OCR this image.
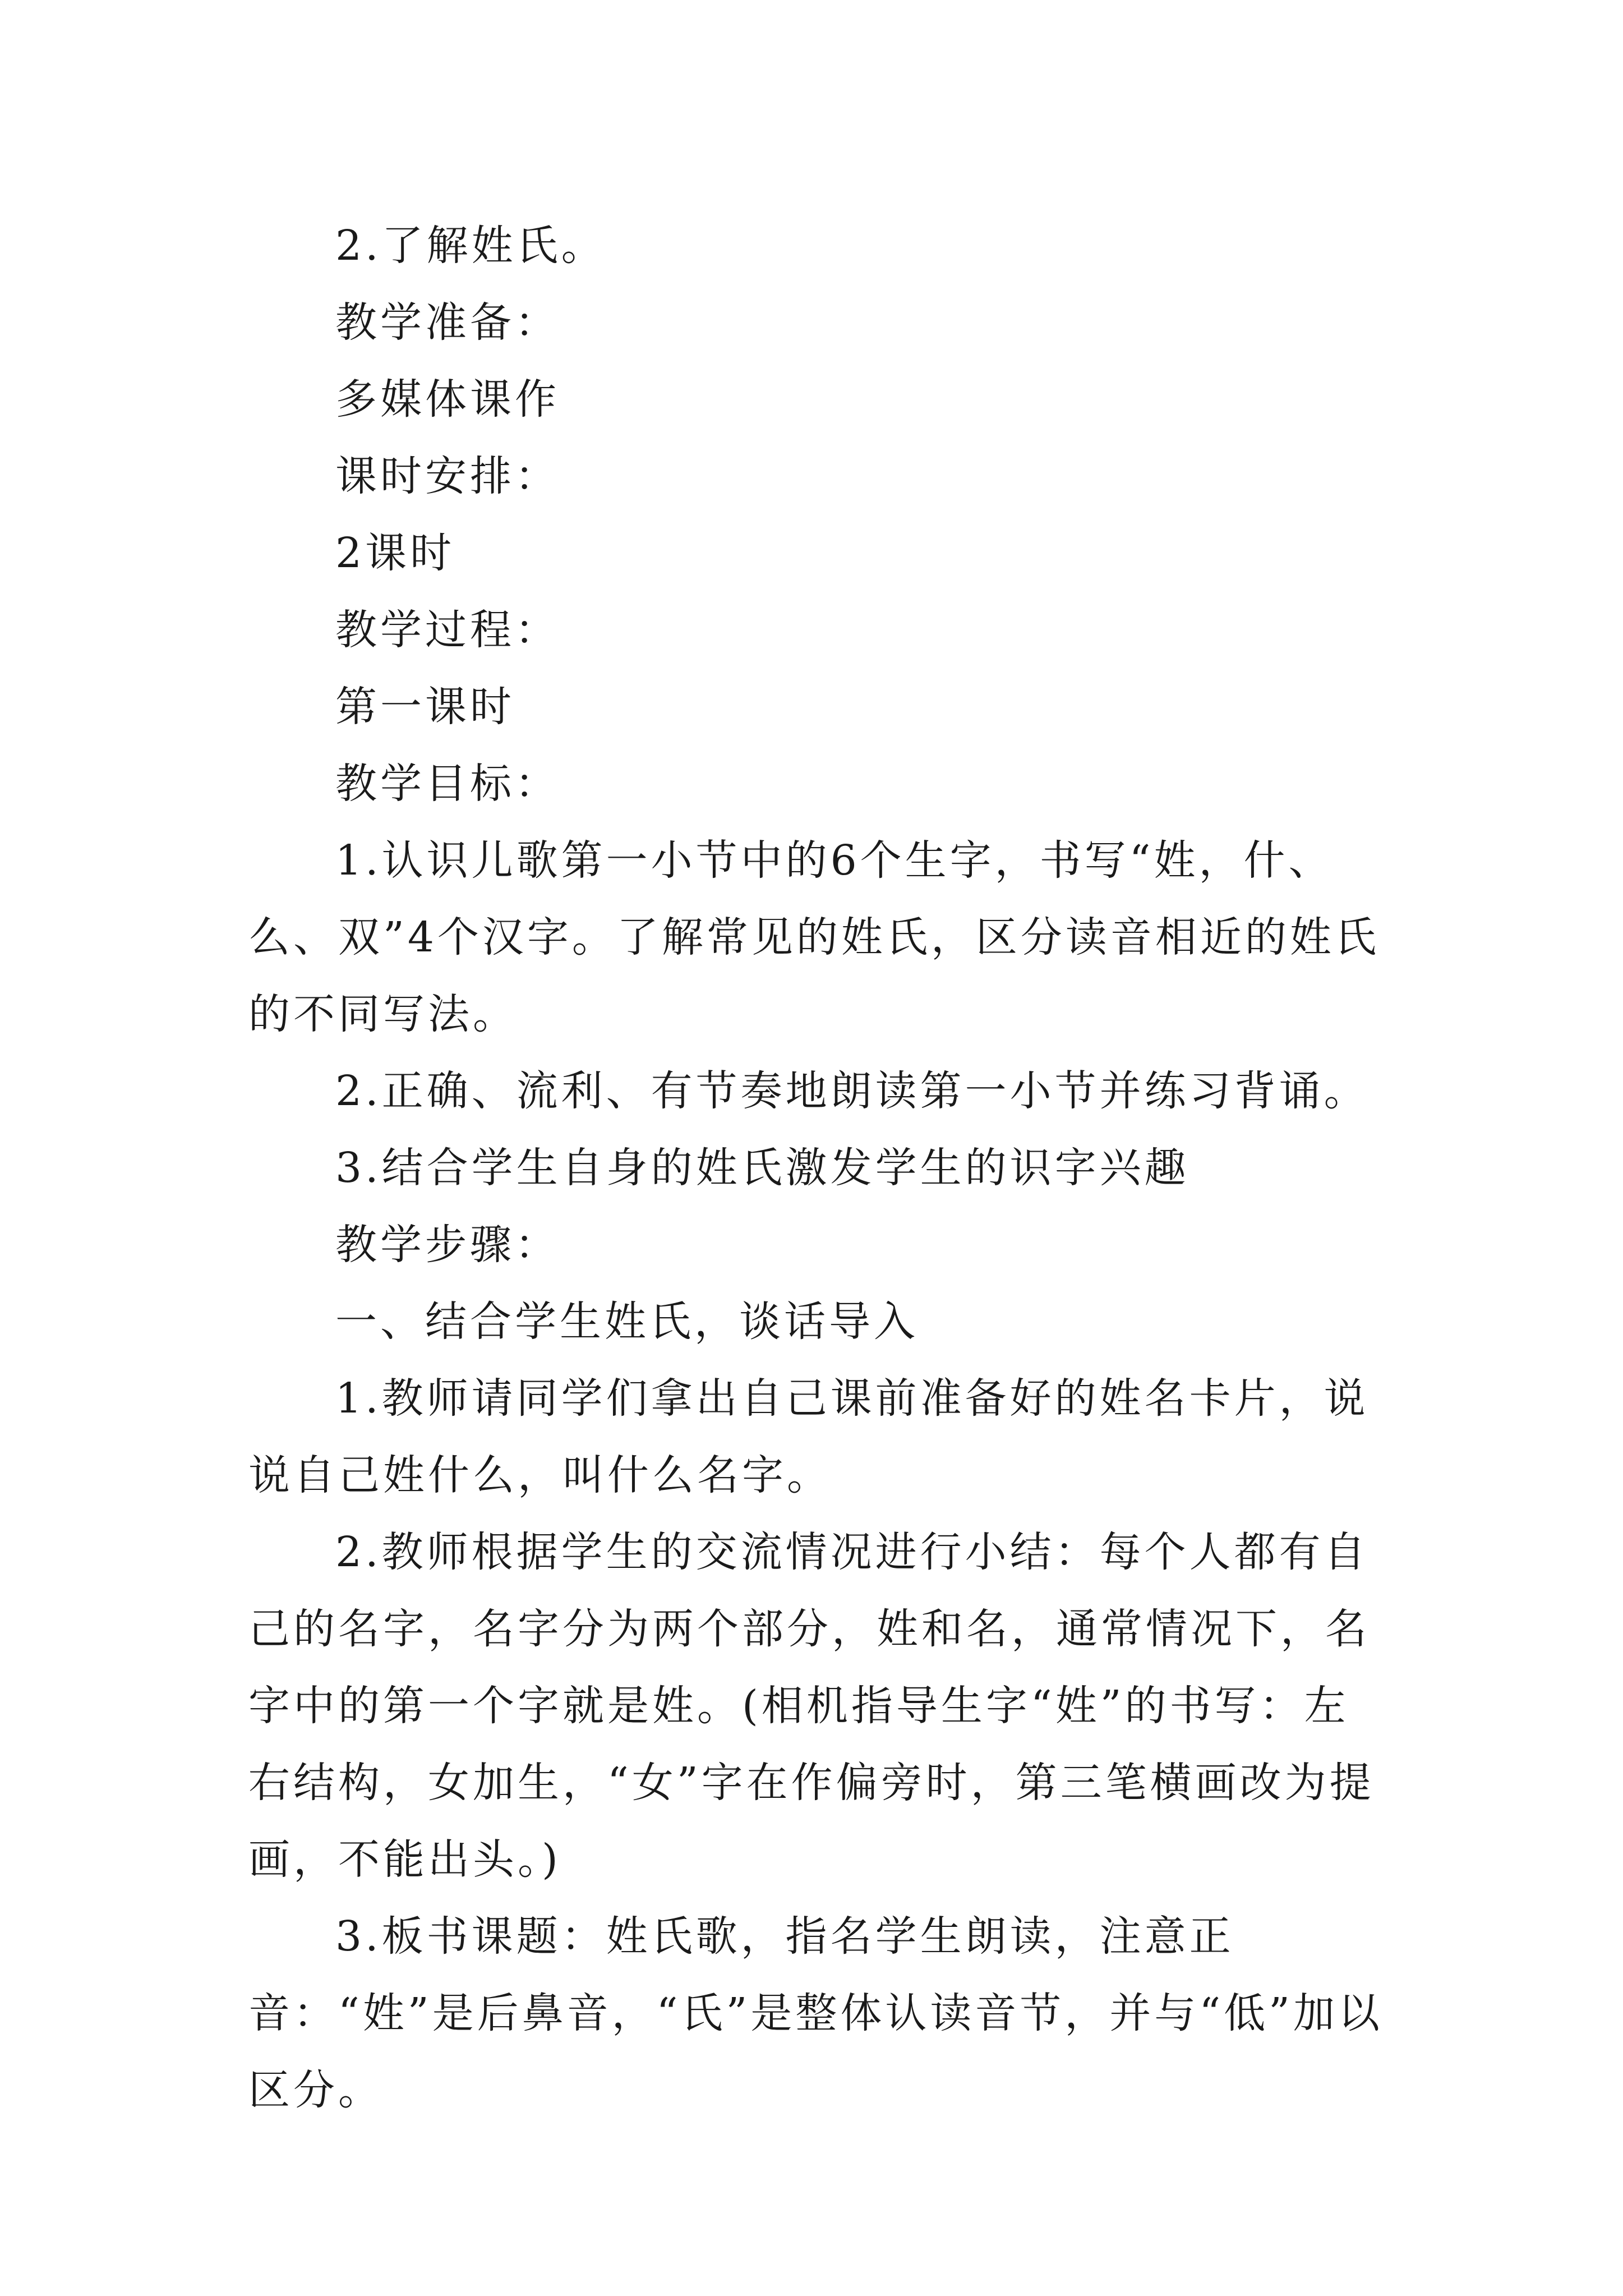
2.了解姓氏。

教学准备：

多媒体课作

课时安排：

2课时

教学过程：

第一课时

教学目标：

1.认识儿歌第一小节中的6个生字，书写“姓，什、么、双”4个汉字。了解常见的姓氏，区分读音相近的姓氏的不同写法。

2.正确、流利、有节奏地朗读第一小节并练习背诵。

3.结合学生自身的姓氏激发学生的识字兴趣

教学步骤：

一、结合学生姓氏，谈话导入

1.教师请同学们拿出自己课前准备好的姓名卡片，说说自己姓什么，叫什么名字。

2.教师根据学生的交流情况进行小结：每个人都有自己的名字，名字分为两个部分，姓和名，通常情况下，名字中的第一个字就是姓。(相机指导生字“姓”的书写：左右结构，女加生，“女”字在作偏旁时，第三笔横画改为提画，不能出头。)

3.板书课题：姓氏歌，指名学生朗读，注意正音：“姓”是后鼻音，“氏”是整体认读音节，并与“低”加以区分。
